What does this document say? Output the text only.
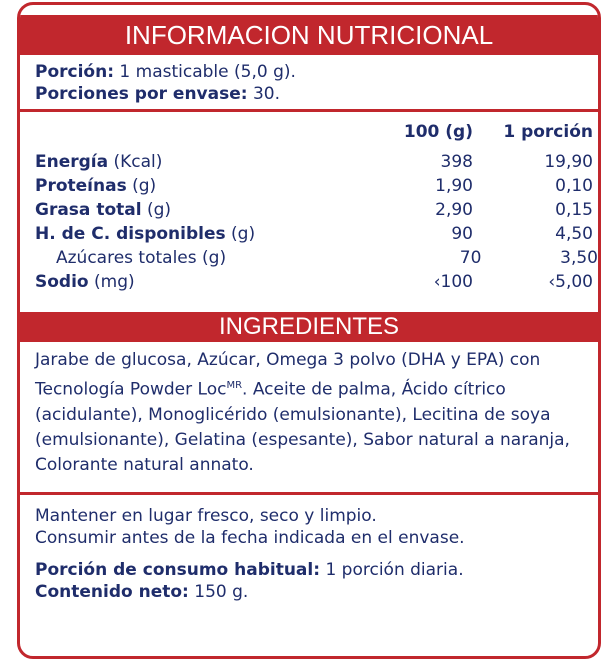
INFORMACION NUTRICIONAL
Porción: 1 masticable (5,0 g).
Porciones por envase: 30.
100 (g)	1 porción
Energía (Kcal)	398	19,90
Proteínas (g)	1,90	0,10
Grasa total (g)	2,90	0,15
H. de C. disponibles (g)	90	4,50
Azúcares totales (g)	70	3,50
Sodio (mg)	‹100	‹5,00
INGREDIENTES
Jarabe de glucosa, Azúcar, Omega 3 polvo (DHA y EPA) con Tecnología Powder Loc$^{MR}$. Aceite de palma, Ácido cítrico (acidulante), Monoglicérido (emulsionante), Lecitina de soya (emulsionante), Gelatina (espesante), Sabor natural a naranja, Colorante natural annato.
Mantener en lugar fresco, seco y limpio.
Consumir antes de la fecha indicada en el envase.
Porción de consumo habitual: 1 porción diaria.
Contenido neto: 150 g.
